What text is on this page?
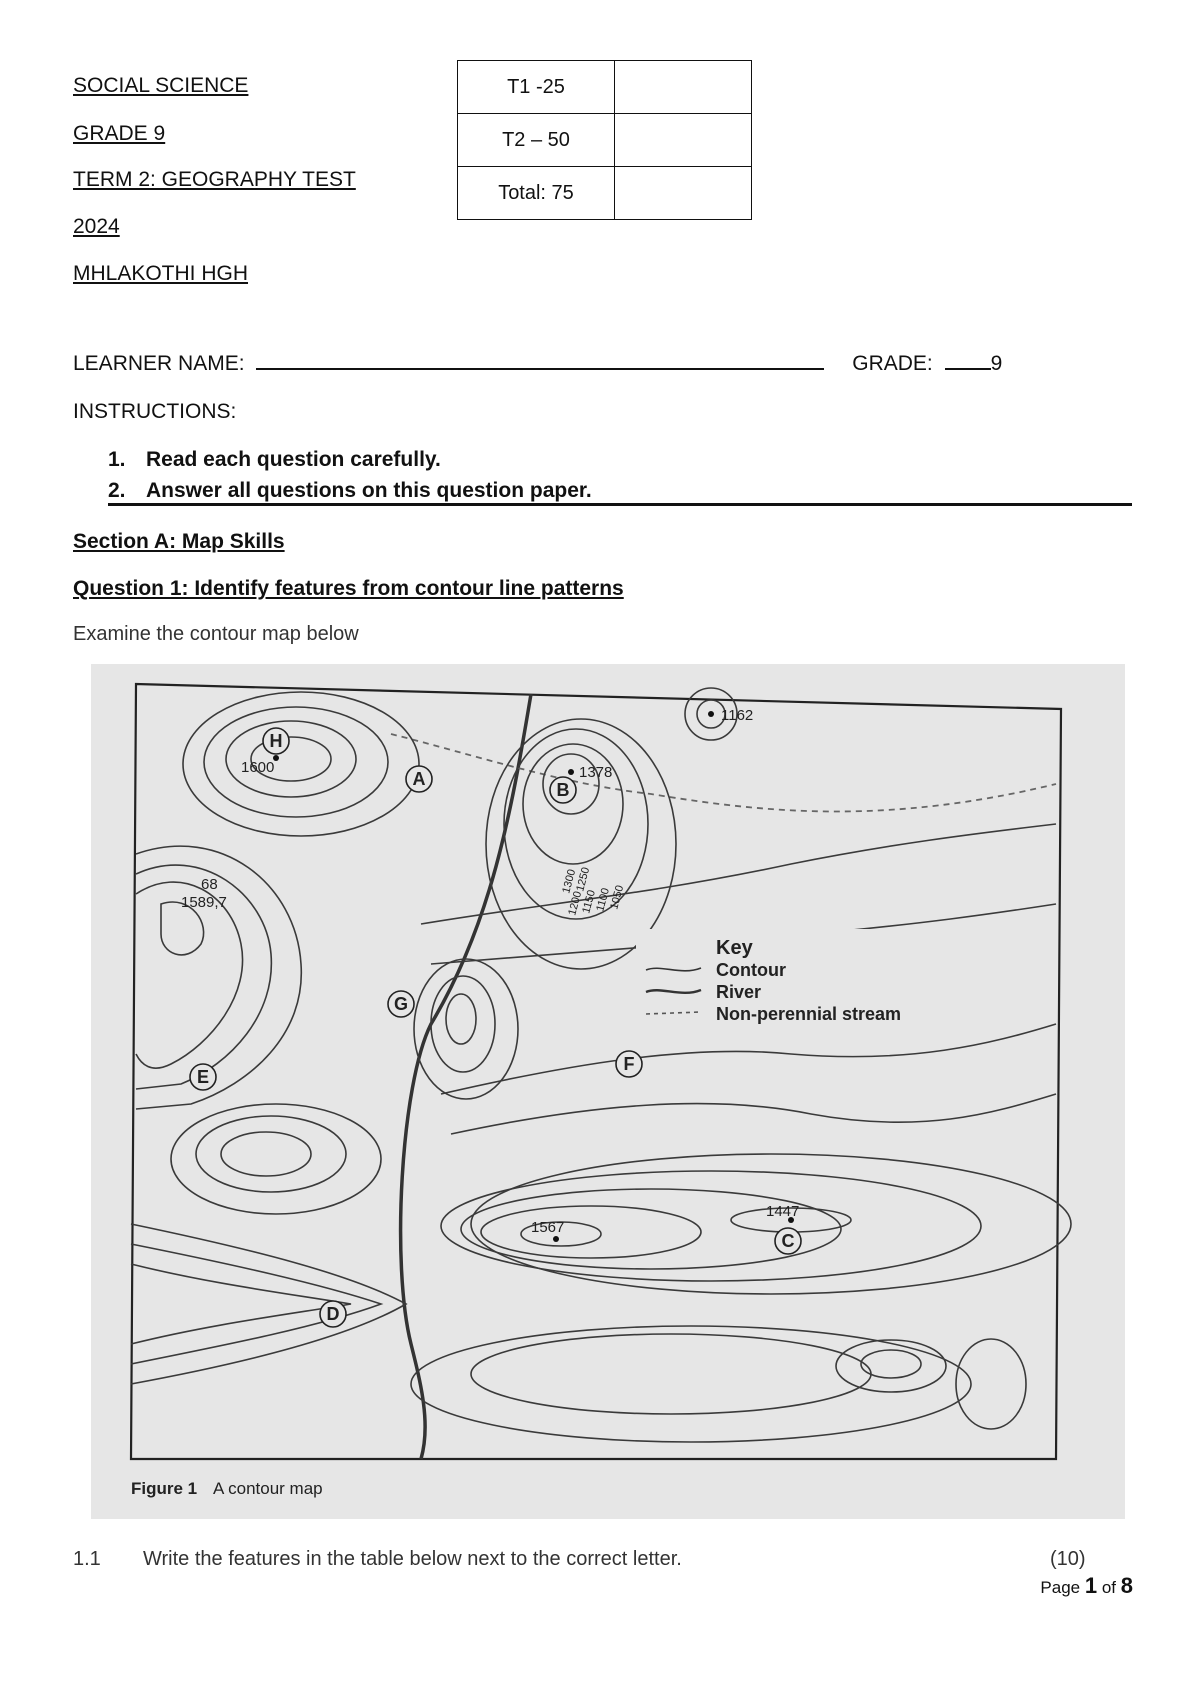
SOCIAL SCIENCE
GRADE 9
TERM 2: GEOGRAPHY TEST
2024
MHLAKOTHI HGH
T1 -25	
T2 – 50	
Total: 75	
LEARNER NAME:	GRADE:	9
INSTRUCTIONS:
1. Read each question carefully.
2. Answer all questions on this question paper.
Section A: Map Skills
Question 1: Identify features from contour line patterns
Examine the contour map below
H
A
B
G
E
F
D
C
1162
1378
1600
68
1589,7
1567
1447
1300
1250
1200
1150
1100
1050
Key
Contour
River
Non-perennial stream
Figure 1 A contour map
1.1 Write the features in the table below next to the correct letter.	(10)
Page 1 of 8
